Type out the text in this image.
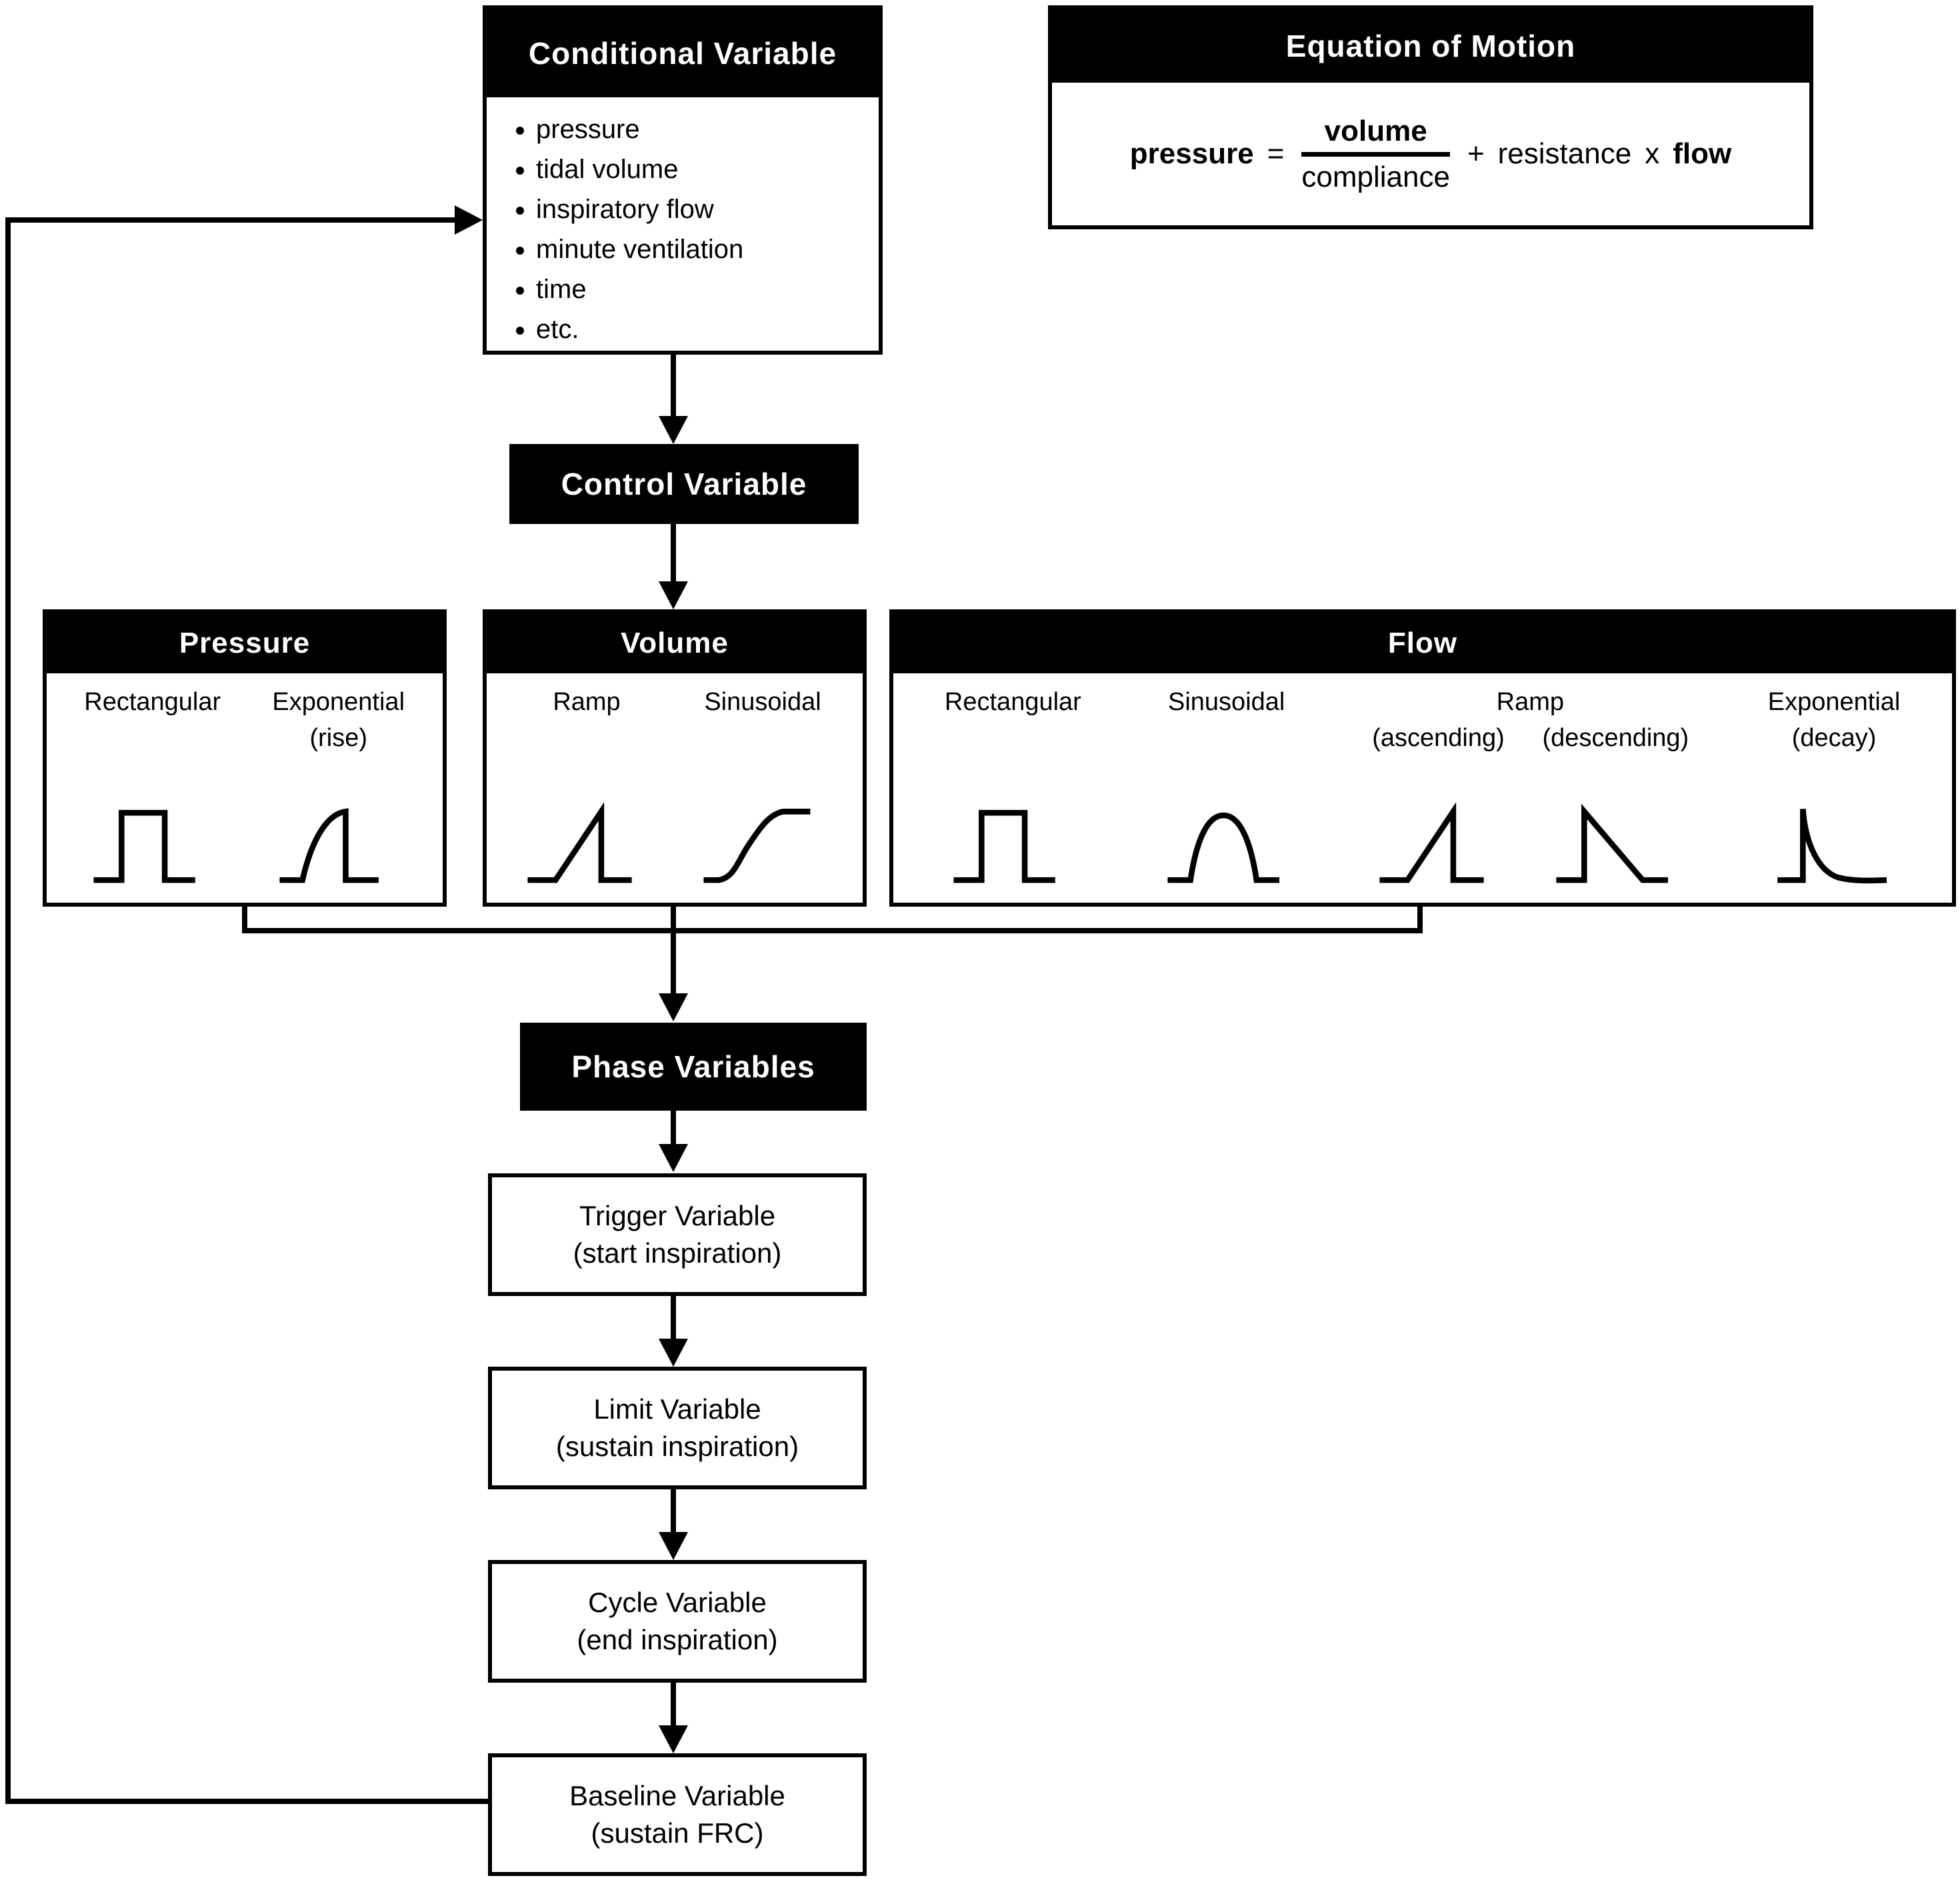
Conditional Variable
• pressure
• tidal volume
• inspiratory flow
• minute ventilation
• time
• etc.
Equation of Motion
pressure =
volume
compliance
+ resistance x flow
Control Variable
Pressure
Rectangular Exponential
(rise)
Volume
Ramp	Sinusoidal
Flow
Rectangular	Sinusoidal	Ramp
(ascending) (descending)
Exponential
(decay)
Phase Variables
Trigger Variable
(start inspiration)
Limit Variable
(sustain inspiration)
Cycle Variable
(end inspiration)
Baseline Variable
(sustain FRC)
